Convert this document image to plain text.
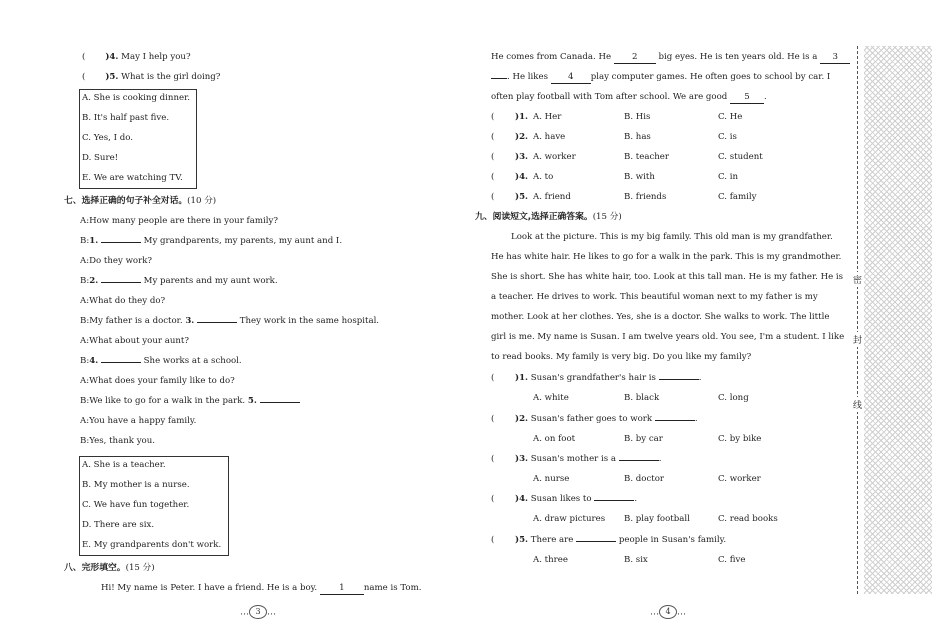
( )4. May I help you?
( )5. What is the girl doing?
A. She is cooking dinner.
B. It's half past five.
C. Yes, I do.
D. Sure!
E. We are watching TV.
七、选择正确的句子补全对话。(10 分)
A:How many people are there in your family?
B:1.	My grandparents, my parents, my aunt and I.
A:Do they work?
B:2.	My parents and my aunt work.
A:What do they do?
B:My father is a doctor. 3.	They work in the same hospital.
A:What about your aunt?
B:4.	She works at a school.
A:What does your family like to do?
B:We like to go for a walk in the park. 5.
A:You have a happy family.
B:Yes, thank you.
A. She is a teacher.
B. My mother is a nurse.
C. We have fun together.
D. There are six.
E. My grandparents don't work.
八、完形填空。(15 分)
Hi! My name is Peter. I have a friend. He is a boy.	1 name is Tom.
… 3 …
He comes from Canada. He 2 big eyes. He is ten years old. He is a 3
. He likes 4 play computer games. He often goes to school by car. I
often play football with Tom after school. We are good 5 .
( )1. A. Her	B. His	C. He
( )2. A. have	B. has	C. is
( )3. A. worker	B. teacher	C. student
( )4. A. to	B. with	C. in
( )5. A. friend	B. friends	C. family
九、阅读短文,选择正确答案。(15 分)
Look at the picture. This is my big family. This old man is my grandfather.
He has white hair. He likes to go for a walk in the park. This is my grandmother.
She is short. She has white hair, too. Look at this tall man. He is my father. He is
a teacher. He drives to work. This beautiful woman next to my father is my
mother. Look at her clothes. Yes, she is a doctor. She walks to work. The little
girl is me. My name is Susan. I am twelve years old. You see, I'm a student. I like
to read books. My family is very big. Do you like my family?
( )1. Susan's grandfather's hair is	.
A. white	B. black	C. long
( )2. Susan's father goes to work	.
A. on foot	B. by car	C. by bike
( )3. Susan's mother is a	.
A. nurse	B. doctor	C. worker
( )4. Susan likes to	.
A. draw pictures B. play football	C. read books
( )5. There are	people in Susan's family.
A. three	B. six	C. five
… 4 …
密
封
线
